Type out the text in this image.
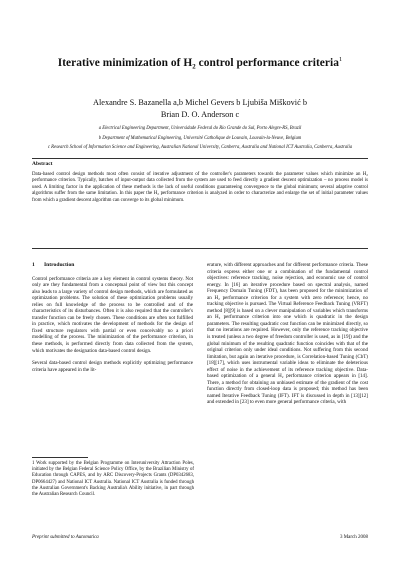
Iterative minimization of H₂ control performance criteria$^1$
Alexandre S. Bazanella a,b Michel Gevers b Ljubiša Mišković b
Brian D. O. Anderson c

a Electrical Engineering Department, Universidade Federal do Rio Grande do Sul, Porto Alegre-RS, Brazil

b Department of Mathematical Engineering, Université Catholique de Louvain, Louvain-la-Neuve, Belgium

c Research School of Information Science and Engineering, Australian National University, Canberra, Australia and National ICT Australia, Canberra, Australia

Abstract
Data-based control design methods most often consist of iterative adjustment of the controller's parameters towards the parameter values which minimize an H₂ performance criterion. Typically, batches of input-output data collected from the system are used to feed directly a gradient descent optimization – no process model is used. A limiting factor in the application of these methods is the lack of useful conditions guaranteeing convergence to the global minimum; several adaptive control algorithms suffer from the same limitation. In this paper the H₂ performance criterion is analyzed in order to characterize and enlarge the set of initial parameter values from which a gradient descent algorithm can converge to its global minimum.

1 Introduction

Control performance criteria are a key element in control systems theory. Not only are they fundamental from a conceptual point of view but this concept also leads to a large variety of control design methods, which are formulated as optimization problems. The solution of these optimization problems usually relies on full knowledge of the process to be controlled and of the characteristics of its disturbances. Often it is also required that the controller's transfer function can be freely chosen. These conditions are often not fulfilled in practice, which motivates the development of methods for the design of fixed structure regulators with partial or even conceivably no a priori modelling of the process. The minimization of the performance criterion, in these methods, is performed directly from data collected from the system, which motivates the designation data-based control design.

Several data-based control design methods explicitly optimizing performance criteria have appeared in the lit-

1 Work supported by the Belgian Programme on Interuniversity Attraction Poles, initiated by the Belgian Federal Science Policy Office, by the Brazilian Ministry of Education through CAPES, and by ARC Discovery-Projects Grants (DP0342683, DP0664427) and National ICT Australia. National ICT Australia is funded through the Australian Government's Backing Australia's Ability initiative, in part through the Australian Research Council.

erature, with different approaches and for different performance criteria. These criteria express either one or a combination of the fundamental control objectives: reference tracking, noise rejection, and economic use of control energy. In [16] an iterative procedure based on spectral analysis, named Frequency Domain Tuning (FDT), has been proposed for the minimization of an H₂ performance criterion for a system with zero reference; hence, no tracking objective is pursued. The Virtual Reference Feedback Tuning (VRFT) method [8][9] is based on a clever manipulation of variables which transforms an H₂ performance criterion into one which is quadratic in the design parameters. The resulting quadratic cost function can be minimized directly, so that no iterations are required. However, only the reference tracking objective is treated (unless a two degree of freedom controller is used, as in [19]) and the global minimum of the resulting quadratic function coincides with that of the original criterion only under ideal conditions. Not suffering from this second limitation, but again an iterative procedure, is Correlation-based Tuning (CbT) [18][17], which uses instrumental variable ideas to eliminate the deleterious effect of noise in the achievement of its reference tracking objective. Data-based optimization of a general H₂ performance criterion appears in [14]. There, a method for obtaining an unbiased estimate of the gradient of the cost function directly from closed-loop data is proposed; this method has been named Iterative Feedback Tuning (IFT). IFT is discussed in depth in [13][12] and extended in [23] to even more general performance criteria, with

Preprint submitted to Automatica	3 March 2008
